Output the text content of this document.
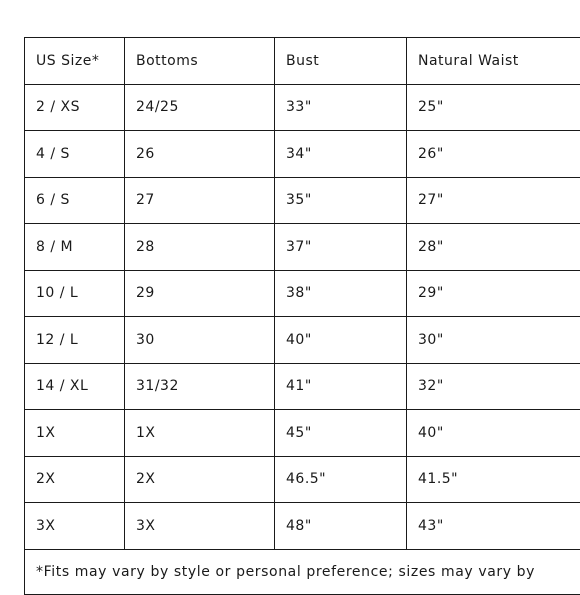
US Size*	Bottoms	Bust	Natural Waist
2 / XS	24/25	33"	25"
4 / S	26	34"	26"
6 / S	27	35"	27"
8 / M	28	37"	28"
10 / L	29	38"	29"
12 / L	30	40"	30"
14 / XL	31/32	41"	32"
1X	1X	45"	40"
2X	2X	46.5"	41.5"
3X	3X	48"	43"
*Fits may vary by style or personal preference; sizes may vary by			
